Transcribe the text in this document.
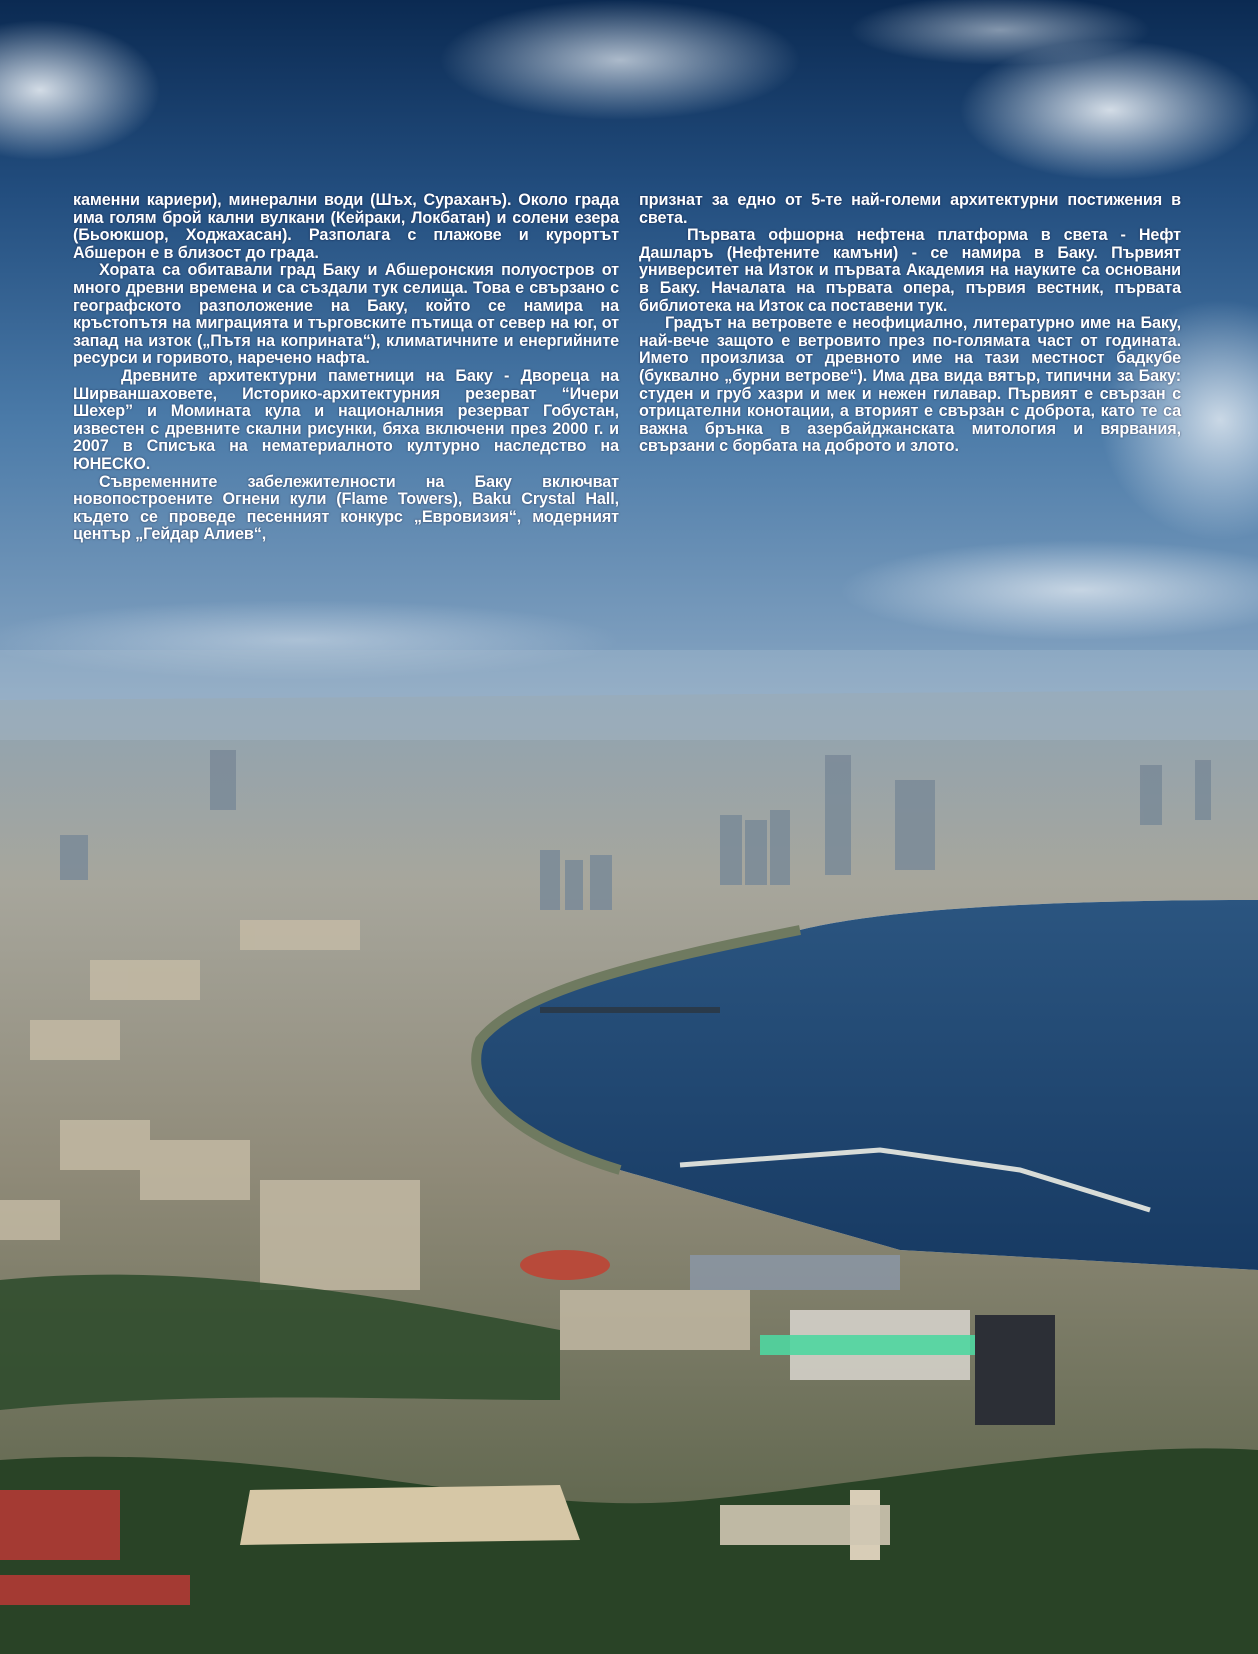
каменни кариери), минерални води (Шъх, Сураханъ). Около града има голям брой кални вулкани (Кейраки, Локбатан) и солени езера (Бьоюкшор, Ходжахасан). Разполага с плажове и курортът Абшерон е в близост до града.

Хората са обитавали град Баку и Абшеронския полуостров от много древни времена и са създали тук селища. Това е свързано с географското разположение на Баку, който се намира на кръстопътя на миграцията и търговските пътища от север на юг, от запад на изток („Пътя на коприната“), климатичните и енергийните ресурси и горивото, наречено нафта.

Древните архитектурни паметници на Баку - Двореца на Ширваншаховете, Историко-архитектурния резерват “Ичери Шехер” и Момината кула и националния резерват Гобустан, известен с древните скални рисунки, бяха включени през 2000 г. и 2007 в Списъка на нематериалното културно наследство на ЮНЕСКО.

Съвременните забележителности на Баку включват новопостроените Огнени кули (Flame Towers), Baku Crystal Hall, където се проведе песенният конкурс „Евровизия“, модерният център „Гейдар Алиев“,

признат за едно от 5-те най-големи архитектурни постижения в света.

Първата офшорна нефтена платформа в света - Нефт Дашларъ (Нефтените камъни) - се намира в Баку. Първият университет на Изток и първата Академия на науките са основани в Баку. Началата на първата опера, първия вестник, първата библиотека на Изток са поставени тук.

Градът на ветровете е неофициално, литературно име на Баку, най-вече защото е ветровито през по-голямата част от годината. Името произлиза от древното име на тази местност бадкубе (буквално „бурни ветрове“). Има два вида вятър, типични за Баку: студен и груб хазри и мек и нежен гилавар. Първият е свързан с отрицателни конотации, а вторият е свързан с доброта, като те са важна брънка в азербайджанската митология и вярвания, свързани с борбата на доброто и злото.
